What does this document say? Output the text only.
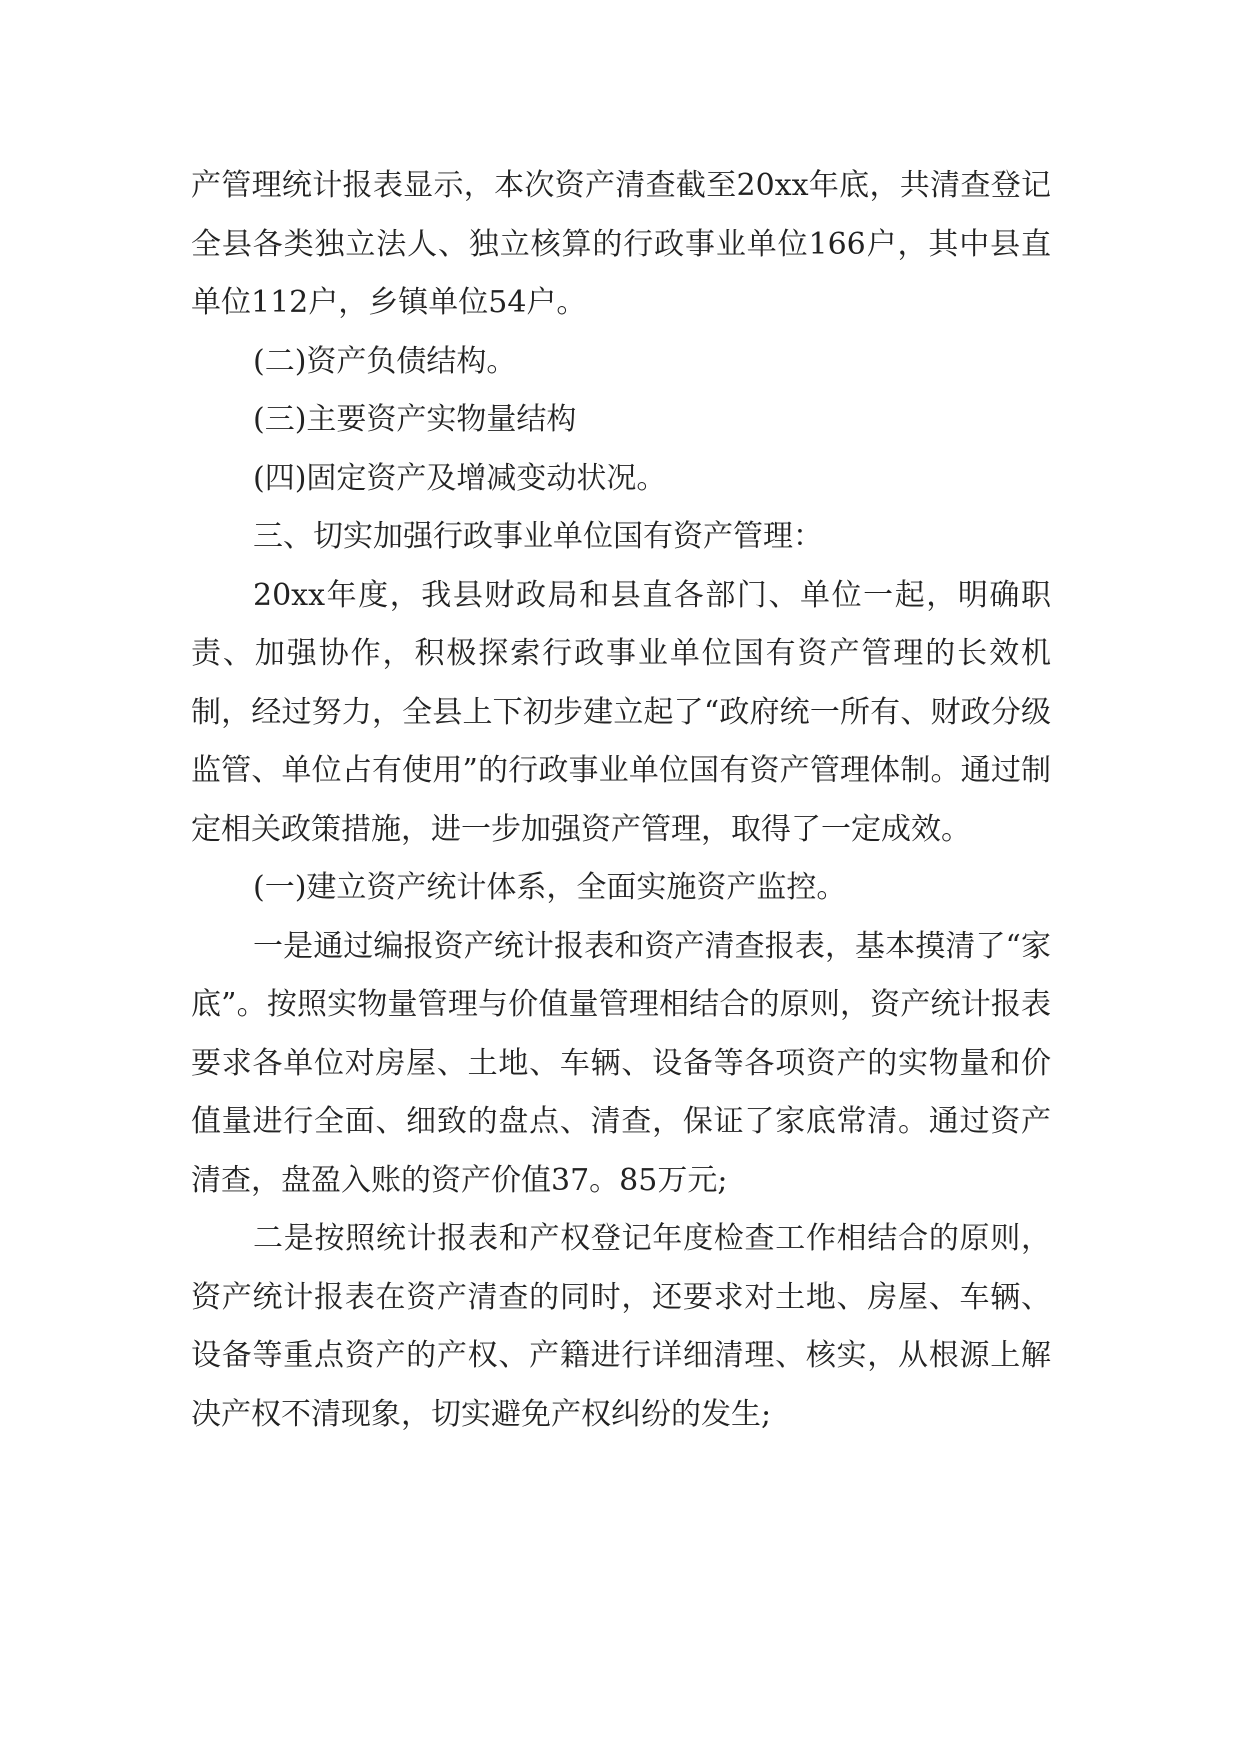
产管理统计报表显示，本次资产清查截至20xx年底，共清查登记全县各类独立法人、独立核算的行政事业单位166户，其中县直单位112户，乡镇单位54户。

(二)资产负债结构。

(三)主要资产实物量结构

(四)固定资产及增减变动状况。

三、切实加强行政事业单位国有资产管理：

20xx年度，我县财政局和县直各部门、单位一起，明确职责、加强协作，积极探索行政事业单位国有资产管理的长效机制，经过努力，全县上下初步建立起了“政府统一所有、财政分级监管、单位占有使用”的行政事业单位国有资产管理体制。通过制定相关政策措施，进一步加强资产管理，取得了一定成效。

(一)建立资产统计体系，全面实施资产监控。

一是通过编报资产统计报表和资产清查报表，基本摸清了“家底”。按照实物量管理与价值量管理相结合的原则，资产统计报表要求各单位对房屋、土地、车辆、设备等各项资产的实物量和价值量进行全面、细致的盘点、清查，保证了家底常清。通过资产清查，盘盈入账的资产价值37。85万元;

二是按照统计报表和产权登记年度检查工作相结合的原则，资产统计报表在资产清查的同时，还要求对土地、房屋、车辆、设备等重点资产的产权、产籍进行详细清理、核实，从根源上解决产权不清现象，切实避免产权纠纷的发生;
